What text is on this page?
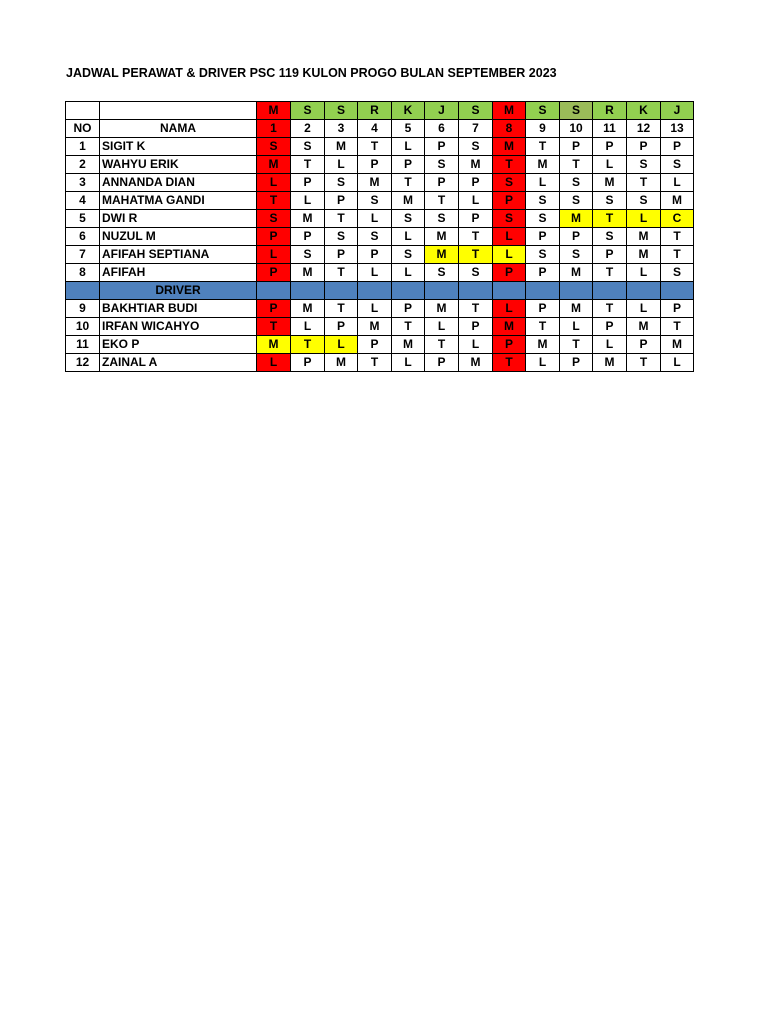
JADWAL PERAWAT & DRIVER PSC 119 KULON PROGO BULAN SEPTEMBER 2023
		M	S	S	R	K	J	S	M	S	S	R	K	J
NO	NAMA	1	2	3	4	5	6	7	8	9	10	11	12	13
1	SIGIT K	S	S	M	T	L	P	S	M	T	P	P	P	P
2	WAHYU ERIK	M	T	L	P	P	S	M	T	M	T	L	S	S
3	ANNANDA DIAN	L	P	S	M	T	P	P	S	L	S	M	T	L
4	MAHATMA GANDI	T	L	P	S	M	T	L	P	S	S	S	S	M
5	DWI R	S	M	T	L	S	S	P	S	S	M	T	L	C
6	NUZUL M	P	P	S	S	L	M	T	L	P	P	S	M	T
7	AFIFAH SEPTIANA	L	S	P	P	S	M	T	L	S	S	P	M	T
8	AFIFAH	P	M	T	L	L	S	S	P	P	M	T	L	S
	DRIVER													
9	BAKHTIAR BUDI	P	M	T	L	P	M	T	L	P	M	T	L	P
10	IRFAN WICAHYO	T	L	P	M	T	L	P	M	T	L	P	M	T
11	EKO P	M	T	L	P	M	T	L	P	M	T	L	P	M
12	ZAINAL A	L	P	M	T	L	P	M	T	L	P	M	T	L
